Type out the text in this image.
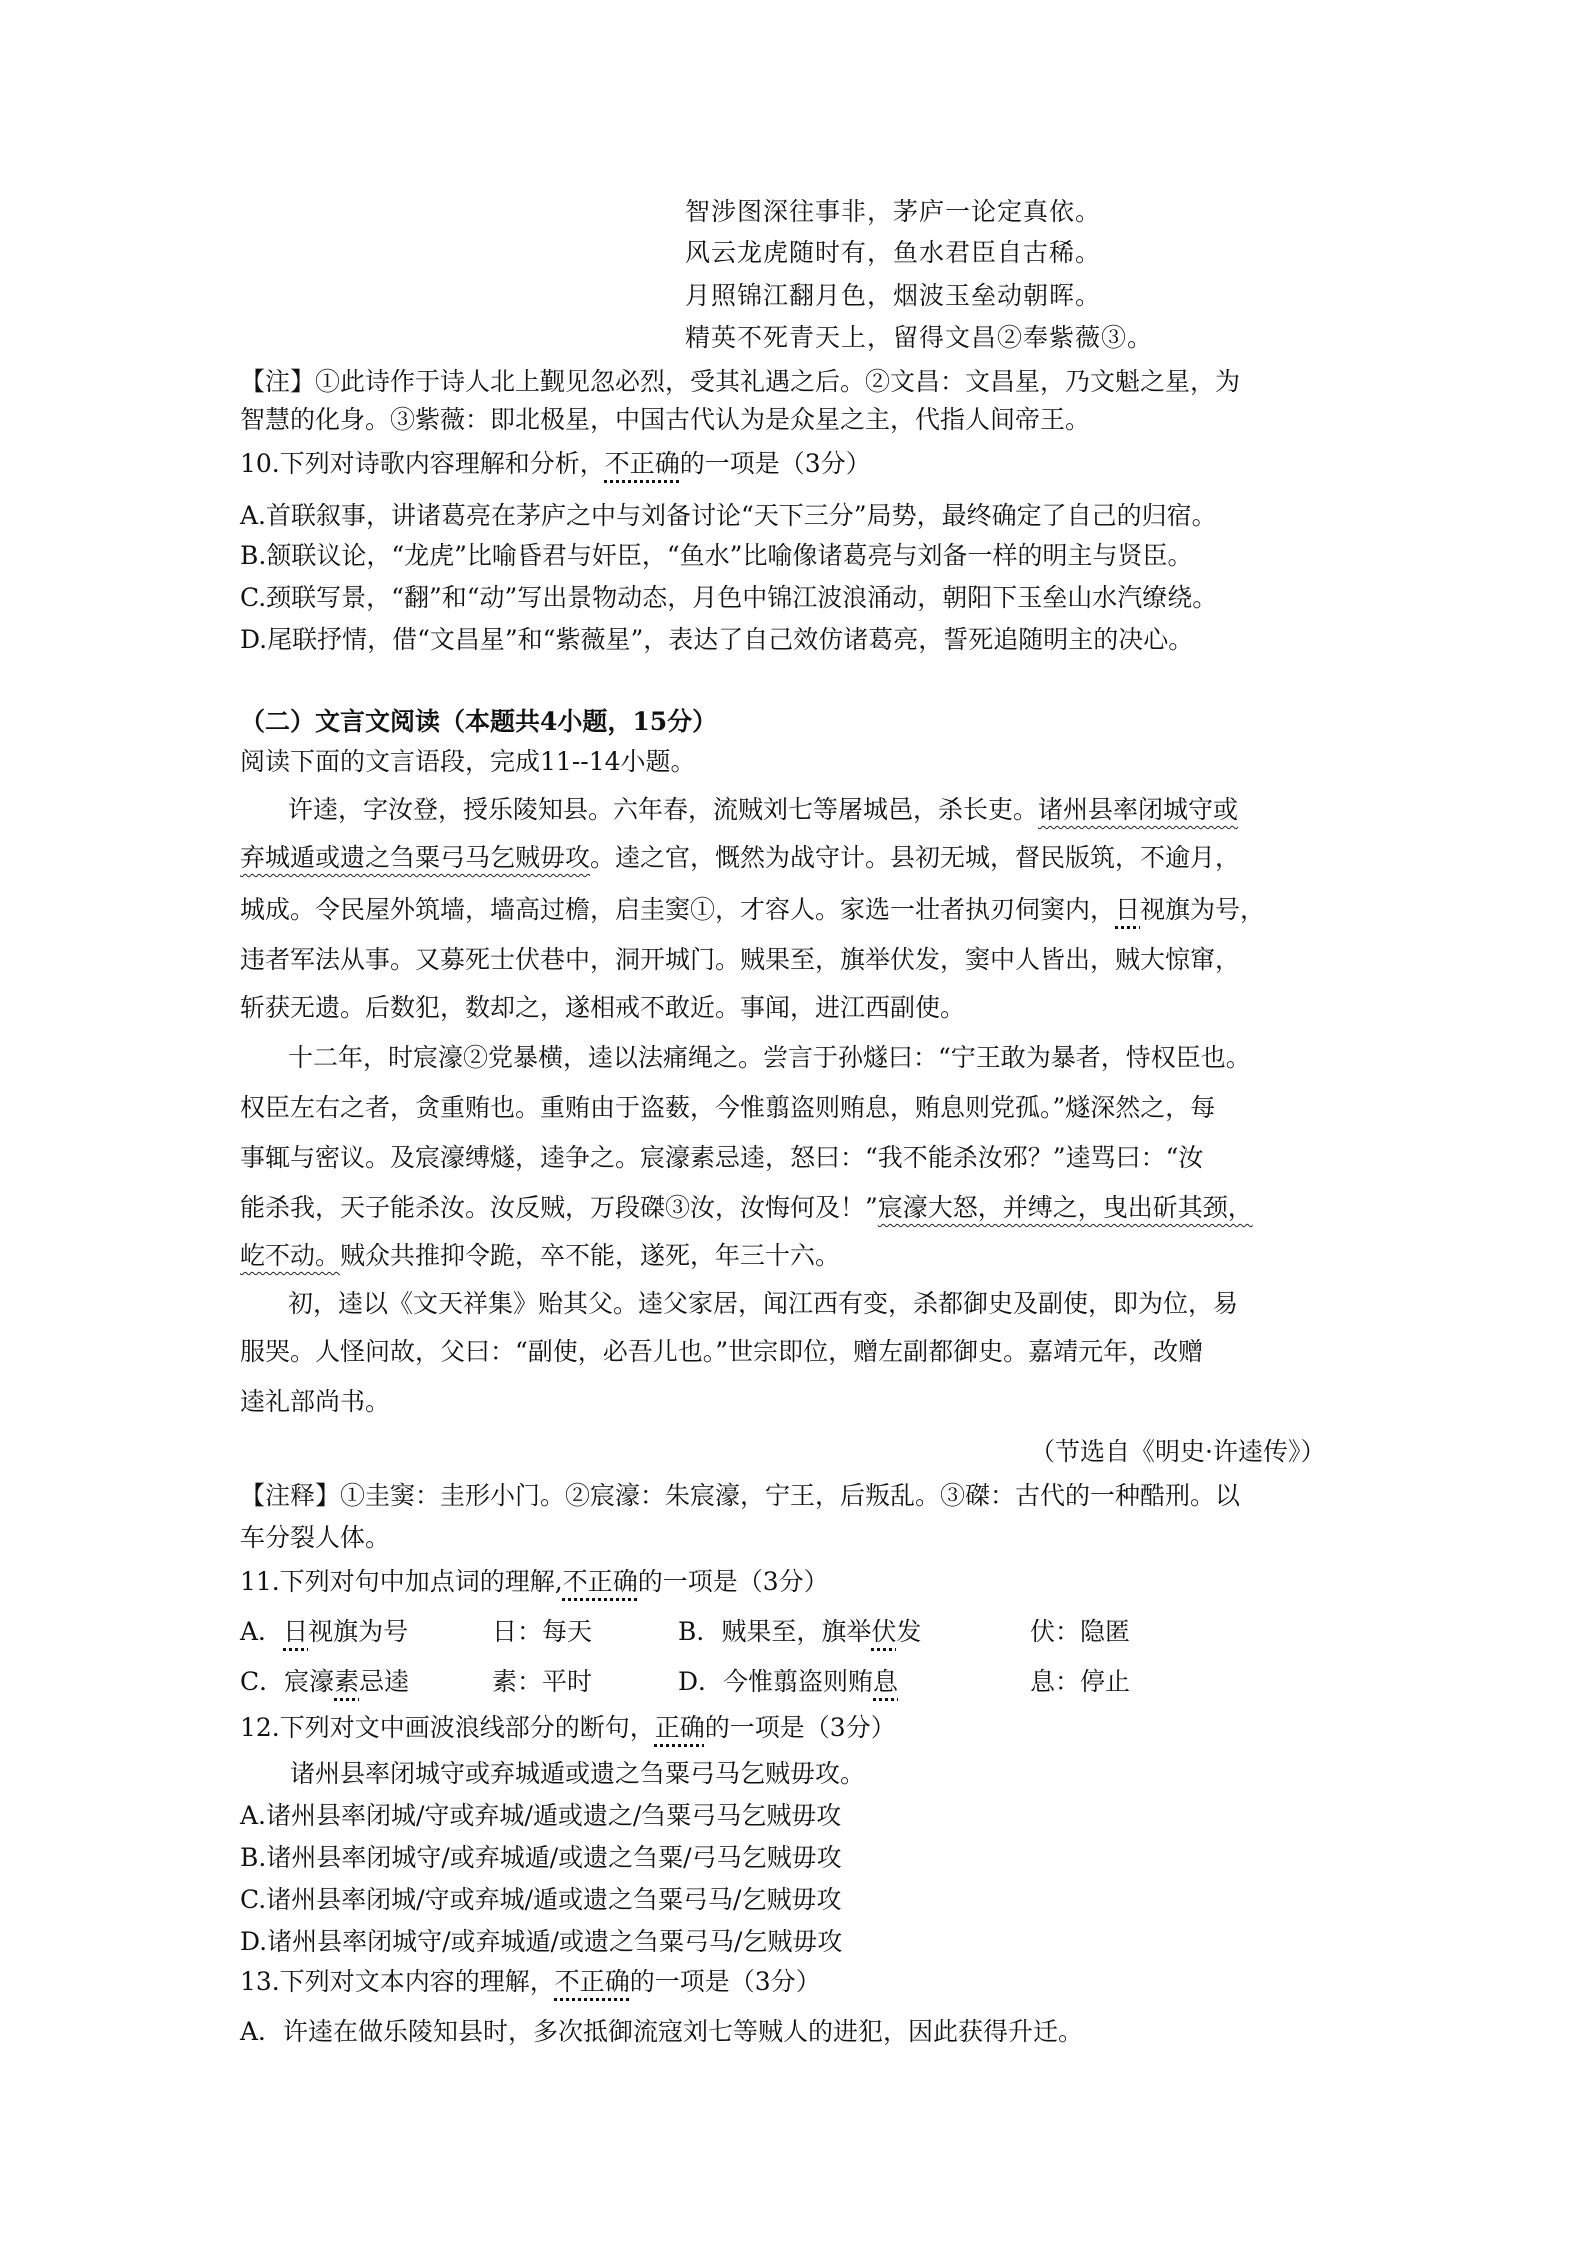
智涉图深往事非，茅庐一论定真依。
风云龙虎随时有，鱼水君臣自古稀。
月照锦江翻月色，烟波玉垒动朝晖。
精英不死青天上，留得文昌②奉紫薇③。
【注】①此诗作于诗人北上觐见忽必烈，受其礼遇之后。②文昌：文昌星，乃文魁之星，为
智慧的化身。③紫薇：即北极星，中国古代认为是众星之主，代指人间帝王。
10.下列对诗歌内容理解和分析，不正确的一项是（3分）
A.首联叙事，讲诸葛亮在茅庐之中与刘备讨论“天下三分”局势，最终确定了自己的归宿。
B.颔联议论，“龙虎”比喻昏君与奸臣，“鱼水”比喻像诸葛亮与刘备一样的明主与贤臣。
C.颈联写景，“翻”和“动”写出景物动态，月色中锦江波浪涌动，朝阳下玉垒山水汽缭绕。
D.尾联抒情，借“文昌星”和“紫薇星”，表达了自己效仿诸葛亮，誓死追随明主的决心。
（二）文言文阅读（本题共4小题，15分）
阅读下面的文言语段，完成11--14小题。
许逵，字汝登，授乐陵知县。六年春，流贼刘七等屠城邑，杀长吏。诸州县率闭城守或
弃城遁或遗之刍粟弓马乞贼毋攻。逵之官，慨然为战守计。县初无城，督民版筑，不逾月，
城成。令民屋外筑墙，墙高过檐，启圭窦①，才容人。家选一壮者执刃伺窦内，日视旗为号，
违者军法从事。又募死士伏巷中，洞开城门。贼果至，旗举伏发，窦中人皆出，贼大惊窜，
斩获无遗。后数犯，数却之，遂相戒不敢近。事闻，进江西副使。
十二年，时宸濠②党暴横，逵以法痛绳之。尝言于孙燧曰：“宁王敢为暴者，恃权臣也。
权臣左右之者，贪重贿也。重贿由于盗薮，今惟翦盗则贿息，贿息则党孤。”燧深然之，每
事辄与密议。及宸濠缚燧，逵争之。宸濠素忌逵，怒曰：“我不能杀汝邪？”逵骂曰：“汝
能杀我，天子能杀汝。汝反贼，万段磔③汝，汝悔何及！”宸濠大怒，并缚之，曳出斫其颈，
屹不动。贼众共推抑令跪，卒不能，遂死，年三十六。
初，逵以《文天祥集》贻其父。逵父家居，闻江西有变，杀都御史及副使，即为位，易
服哭。人怪问故，父曰：“副使，必吾儿也。”世宗即位，赠左副都御史。嘉靖元年，改赠
逵礼部尚书。
（节选自《明史·许逵传》）
【注释】①圭窦：圭形小门。②宸濠：朱宸濠，宁王，后叛乱。③磔：古代的一种酷刑。以
车分裂人体。
11.下列对句中加点词的理解,不正确的一项是（3分）
A．日视旗为号	日：每天	B．贼果至，旗举伏发	伏：隐匿
C．宸濠素忌逵	素：平时	D．今惟翦盗则贿息	息：停止
12.下列对文中画波浪线部分的断句，正确的一项是（3分）
诸州县率闭城守或弃城遁或遗之刍粟弓马乞贼毋攻。
A.诸州县率闭城/守或弃城/遁或遗之/刍粟弓马乞贼毋攻
B.诸州县率闭城守/或弃城遁/或遗之刍粟/弓马乞贼毋攻
C.诸州县率闭城/守或弃城/遁或遗之刍粟弓马/乞贼毋攻
D.诸州县率闭城守/或弃城遁/或遗之刍粟弓马/乞贼毋攻
13.下列对文本内容的理解，不正确的一项是（3分）
A．许逵在做乐陵知县时，多次抵御流寇刘七等贼人的进犯，因此获得升迁。
